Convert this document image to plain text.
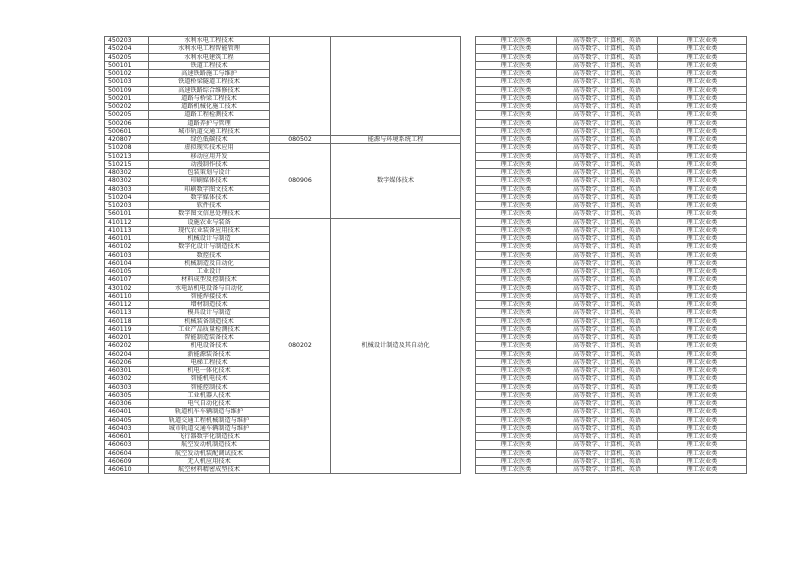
450203	水利水电工程技术				理工农医类	高等数学、计算机、英语	理工农业类
450204	水利水电工程智能管理				理工农医类	高等数学、计算机、英语	理工农业类
450205	水利水电建筑工程				理工农医类	高等数学、计算机、英语	理工农业类
500101	铁道工程技术				理工农医类	高等数学、计算机、英语	理工农业类
500102	高速铁路施工与维护				理工农医类	高等数学、计算机、英语	理工农业类
500103	铁道桥梁隧道工程技术				理工农医类	高等数学、计算机、英语	理工农业类
500109	高速铁路综合维修技术				理工农医类	高等数学、计算机、英语	理工农业类
500201	道路与桥梁工程技术				理工农医类	高等数学、计算机、英语	理工农业类
500202	道路机械化施工技术				理工农医类	高等数学、计算机、英语	理工农业类
500205	道路工程检测技术				理工农医类	高等数学、计算机、英语	理工农业类
500206	道路养护与管理				理工农医类	高等数学、计算机、英语	理工农业类
500601	城市轨道交通工程技术				理工农医类	高等数学、计算机、英语	理工农业类
420807	绿色低碳技术	080502	能源与环境系统工程		理工农医类	高等数学、计算机、英语	理工农业类
510208	虚拟现实技术应用	080906	数字媒体技术		理工农医类	高等数学、计算机、英语	理工农业类
510213	移动应用开发				理工农医类	高等数学、计算机、英语	理工农业类
510215	动漫制作技术				理工农医类	高等数学、计算机、英语	理工农业类
480302	包装策划与设计				理工农医类	高等数学、计算机、英语	理工农业类
480302	印刷媒体技术				理工农医类	高等数学、计算机、英语	理工农业类
480303	印刷数字图文技术				理工农医类	高等数学、计算机、英语	理工农业类
510204	数字媒体技术				理工农医类	高等数学、计算机、英语	理工农业类
510203	软件技术				理工农医类	高等数学、计算机、英语	理工农业类
560101	数字图文信息处理技术				理工农医类	高等数学、计算机、英语	理工农业类
410112	设施农业与装备	080202	机械设计制造及其自动化		理工农医类	高等数学、计算机、英语	理工农业类
410113	现代农业装备应用技术				理工农医类	高等数学、计算机、英语	理工农业类
460101	机械设计与制造				理工农医类	高等数学、计算机、英语	理工农业类
460102	数字化设计与制造技术				理工农医类	高等数学、计算机、英语	理工农业类
460103	数控技术				理工农医类	高等数学、计算机、英语	理工农业类
460104	机械制造及自动化				理工农医类	高等数学、计算机、英语	理工农业类
460105	工业设计				理工农医类	高等数学、计算机、英语	理工农业类
460107	材料成型及控制技术				理工农医类	高等数学、计算机、英语	理工农业类
430102	水电站机电设备与自动化				理工农医类	高等数学、计算机、英语	理工农业类
460110	智能焊接技术				理工农医类	高等数学、计算机、英语	理工农业类
460112	增材制造技术				理工农医类	高等数学、计算机、英语	理工农业类
460113	模具设计与制造				理工农医类	高等数学、计算机、英语	理工农业类
460118	机械装备制造技术				理工农医类	高等数学、计算机、英语	理工农业类
460119	工业产品质量检测技术				理工农医类	高等数学、计算机、英语	理工农业类
460201	智能制造装备技术				理工农医类	高等数学、计算机、英语	理工农业类
460202	机电设备技术				理工农医类	高等数学、计算机、英语	理工农业类
460204	新能源装备技术				理工农医类	高等数学、计算机、英语	理工农业类
460206	电梯工程技术				理工农医类	高等数学、计算机、英语	理工农业类
460301	机电一体化技术				理工农医类	高等数学、计算机、英语	理工农业类
460302	智能机电技术				理工农医类	高等数学、计算机、英语	理工农业类
460303	智能控制技术				理工农医类	高等数学、计算机、英语	理工农业类
460305	工业机器人技术				理工农医类	高等数学、计算机、英语	理工农业类
460306	电气自动化技术				理工农医类	高等数学、计算机、英语	理工农业类
460401	轨道机车车辆制造与维护				理工农医类	高等数学、计算机、英语	理工农业类
460405	轨道交通工程机械制造与维护				理工农医类	高等数学、计算机、英语	理工农业类
460403	城市轨道交通车辆制造与维护				理工农医类	高等数学、计算机、英语	理工农业类
460601	飞行器数字化制造技术				理工农医类	高等数学、计算机、英语	理工农业类
460603	航空发动机制造技术				理工农医类	高等数学、计算机、英语	理工农业类
460604	航空发动机装配调试技术				理工农医类	高等数学、计算机、英语	理工农业类
460609	无人机应用技术				理工农医类	高等数学、计算机、英语	理工农业类
460610	航空材料精密成型技术				理工农医类	高等数学、计算机、英语	理工农业类
